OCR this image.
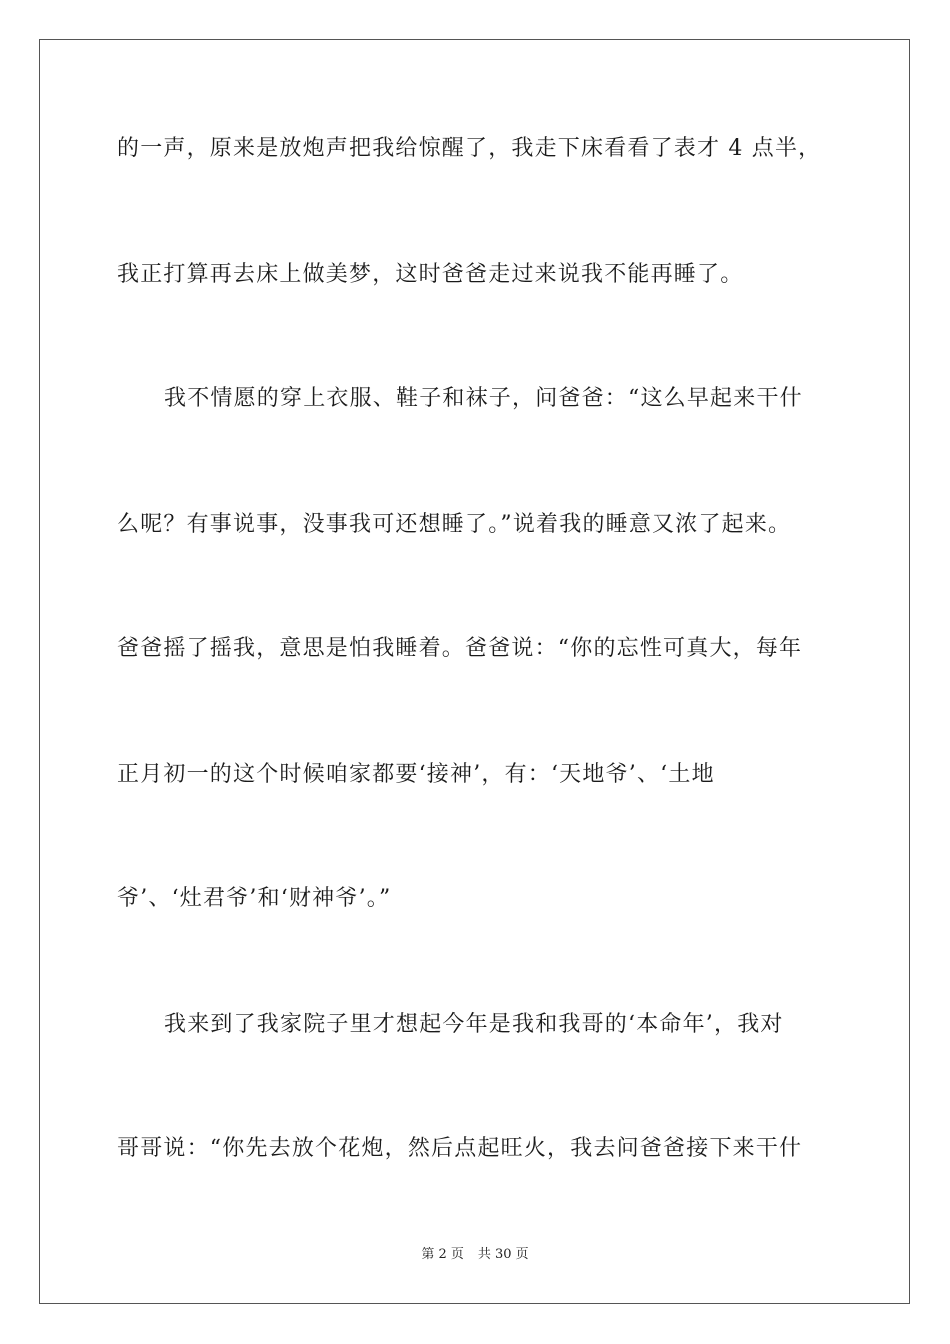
的一声，原来是放炮声把我给惊醒了，我走下床看看了表才 4 点半，
我正打算再去床上做美梦，这时爸爸走过来说我不能再睡了。
我不情愿的穿上衣服、鞋子和袜子，问爸爸：“这么早起来干什
么呢？有事说事，没事我可还想睡了。”说着我的睡意又浓了起来。
爸爸摇了摇我，意思是怕我睡着。爸爸说：“你的忘性可真大，每年
正月初一的这个时候咱家都要‘接神’，有：‘天地爷’、‘土地
爷’、‘灶君爷’和‘财神爷’。”
我来到了我家院子里才想起今年是我和我哥的‘本命年’，我对
哥哥说：“你先去放个花炮，然后点起旺火，我去问爸爸接下来干什
第 2 页 共 30 页
